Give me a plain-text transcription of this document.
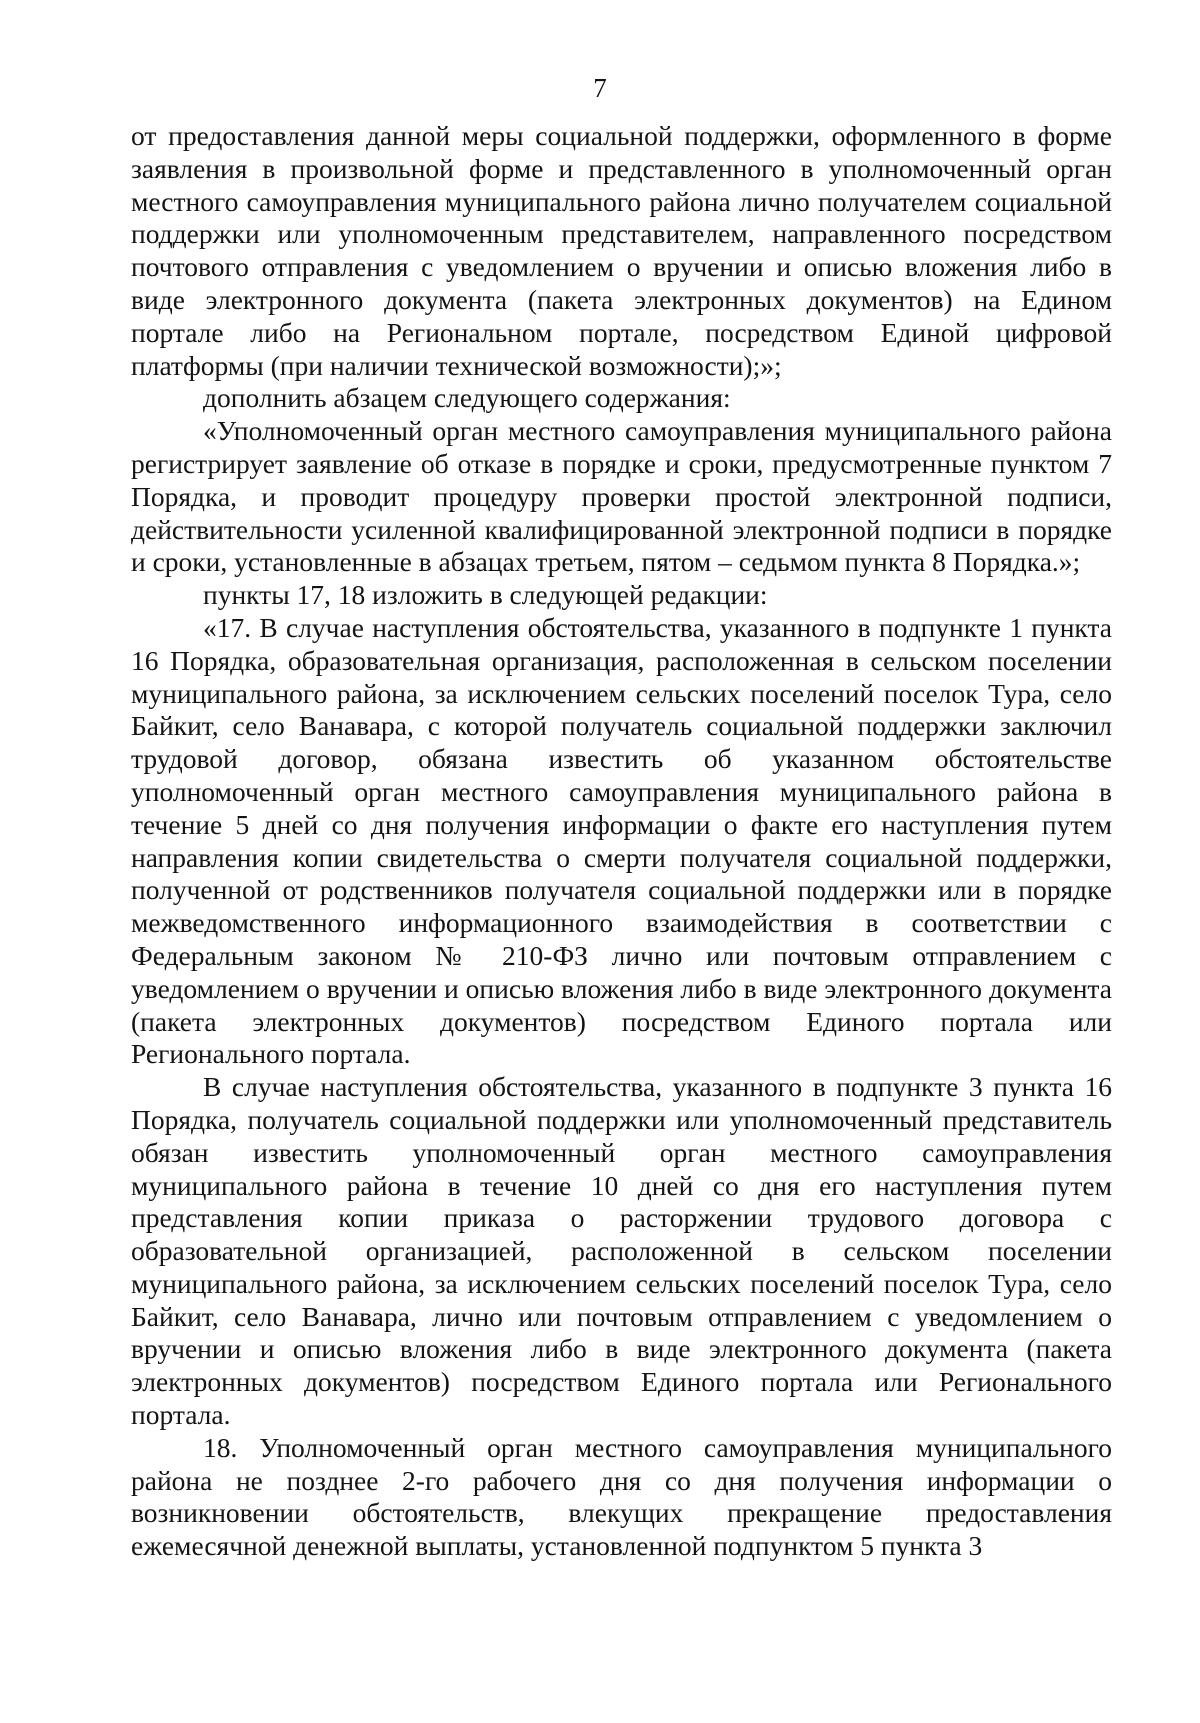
7

от предоставления данной меры социальной поддержки, оформленного в форме заявления в произвольной форме и представленного в уполномоченный орган местного самоуправления муниципального района лично получателем социальной поддержки или уполномоченным представителем, направленного посредством почтового отправления с уведомлением о вручении и описью вложения либо в виде электронного документа (пакета электронных документов) на Едином портале либо на Региональном портале, посредством Единой цифровой платформы (при наличии технической возможности);»;

дополнить абзацем следующего содержания:

«Уполномоченный орган местного самоуправления муниципального района регистрирует заявление об отказе в порядке и сроки, предусмотренные пунктом 7 Порядка, и проводит процедуру проверки простой электронной подписи, действительности усиленной квалифицированной электронной подписи в порядке и сроки, установленные в абзацах третьем, пятом – седьмом пункта 8 Порядка.»;

пункты 17, 18 изложить в следующей редакции:

«17. В случае наступления обстоятельства, указанного в подпункте 1 пункта 16 Порядка, образовательная организация, расположенная в сельском поселении муниципального района, за исключением сельских поселений поселок Тура, село Байкит, село Ванавара, с которой получатель социальной поддержки заключил трудовой договор, обязана известить об указанном обстоятельстве уполномоченный орган местного самоуправления муниципального района в течение 5 дней со дня получения информации о факте его наступления путем направления копии свидетельства о смерти получателя социальной поддержки, полученной от родственников получателя социальной поддержки или в порядке межведомственного информационного взаимодействия в соответствии с Федеральным законом № 210-ФЗ лично или почтовым отправлением с уведомлением о вручении и описью вложения либо в виде электронного документа (пакета электронных документов) посредством Единого портала или Регионального портала.

В случае наступления обстоятельства, указанного в подпункте 3 пункта 16 Порядка, получатель социальной поддержки или уполномоченный представитель обязан известить уполномоченный орган местного самоуправления муниципального района в течение 10 дней со дня его наступления путем представления копии приказа о расторжении трудового договора с образовательной организацией, расположенной в сельском поселении муниципального района, за исключением сельских поселений поселок Тура, село Байкит, село Ванавара, лично или почтовым отправлением с уведомлением о вручении и описью вложения либо в виде электронного документа (пакета электронных документов) посредством Единого портала или Регионального портала.

18. Уполномоченный орган местного самоуправления муниципального района не позднее 2-го рабочего дня со дня получения информации о возникновении обстоятельств, влекущих прекращение предоставления ежемесячной денежной выплаты, установленной подпунктом 5 пункта 3
